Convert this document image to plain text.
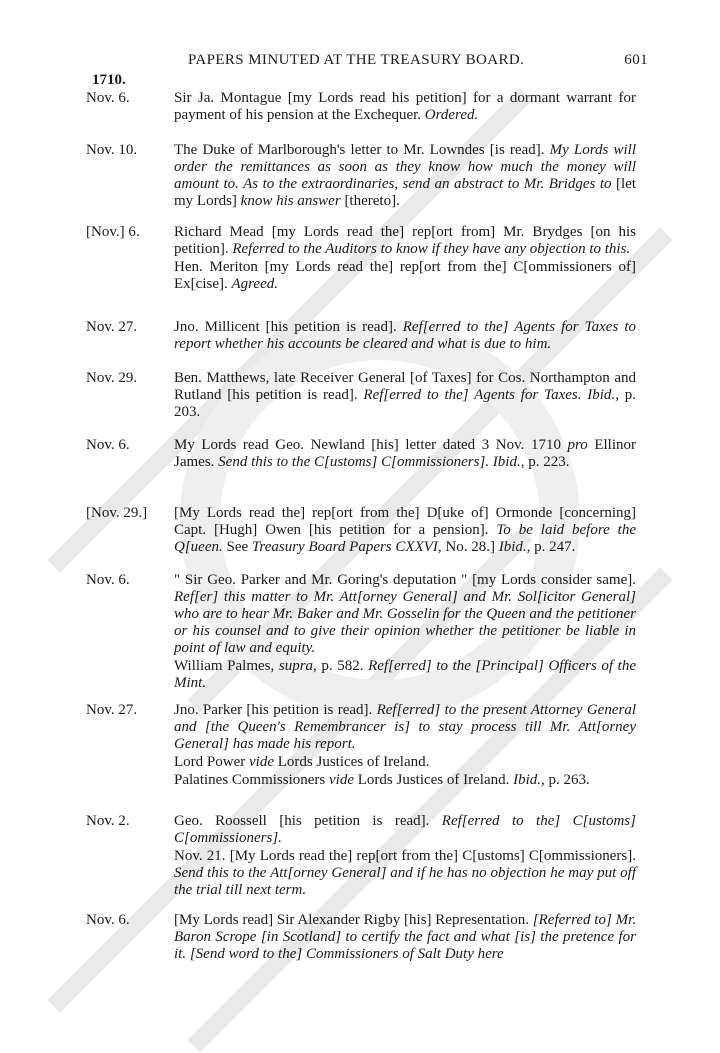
PAPERS MINUTED AT THE TREASURY BOARD.	601
1710.
Nov. 6.	Sir Ja. Montague [my Lords read his petition] for a dormant warrant for payment of his pension at the Exchequer. Ordered.

Nov. 10.	The Duke of Marlborough's letter to Mr. Lowndes [is read]. My Lords will order the remittances as soon as they know how much the money will amount to. As to the extraordinaries, send an abstract to Mr. Bridges to [let my Lords] know his answer [thereto].

[Nov.] 6.	Richard Mead [my Lords read the] rep[ort from] Mr. Brydges [on his petition]. Referred to the Auditors to know if they have any objection to this.

Hen. Meriton [my Lords read the] rep[ort from the] C[ommissioners of] Ex[cise]. Agreed.

Nov. 27.	Jno. Millicent [his petition is read]. Ref[erred to the] Agents for Taxes to report whether his accounts be cleared and what is due to him.

Nov. 29.	Ben. Matthews, late Receiver General [of Taxes] for Cos. Northampton and Rutland [his petition is read]. Ref[erred to the] Agents for Taxes. Ibid., p. 203.

Nov. 6.	My Lords read Geo. Newland [his] letter dated 3 Nov. 1710 pro Ellinor James. Send this to the C[ustoms] C[ommissioners]. Ibid., p. 223.

[Nov. 29.]	[My Lords read the] rep[ort from the] D[uke of] Ormonde [concerning] Capt. [Hugh] Owen [his petition for a pension]. To be laid before the Q[ueen. See Treasury Board Papers CXXVI, No. 28.] Ibid., p. 247.

Nov. 6.	" Sir Geo. Parker and Mr. Goring's deputation " [my Lords consider same]. Ref[er] this matter to Mr. Att[orney General] and Mr. Sol[icitor General] who are to hear Mr. Baker and Mr. Gosselin for the Queen and the petitioner or his counsel and to give their opinion whether the petitioner be liable in point of law and equity.

William Palmes, supra, p. 582. Ref[erred] to the [Principal] Officers of the Mint.

Nov. 27.	Jno. Parker [his petition is read]. Ref[erred] to the present Attorney General and [the Queen's Remembrancer is] to stay process till Mr. Att[orney General] has made his report.

Lord Power vide Lords Justices of Ireland.

Palatines Commissioners vide Lords Justices of Ireland. Ibid., p. 263.

Nov. 2.	Geo. Roossell [his petition is read]. Ref[erred to the] C[ustoms] C[ommissioners].

Nov. 21. [My Lords read the] rep[ort from the] C[ustoms] C[ommissioners]. Send this to the Att[orney General] and if he has no objection he may put off the trial till next term.

Nov. 6.	[My Lords read] Sir Alexander Rigby [his] Representation. [Referred to] Mr. Baron Scrope [in Scotland] to certify the fact and what [is] the pretence for it. [Send word to the] Commissioners of Salt Duty here
